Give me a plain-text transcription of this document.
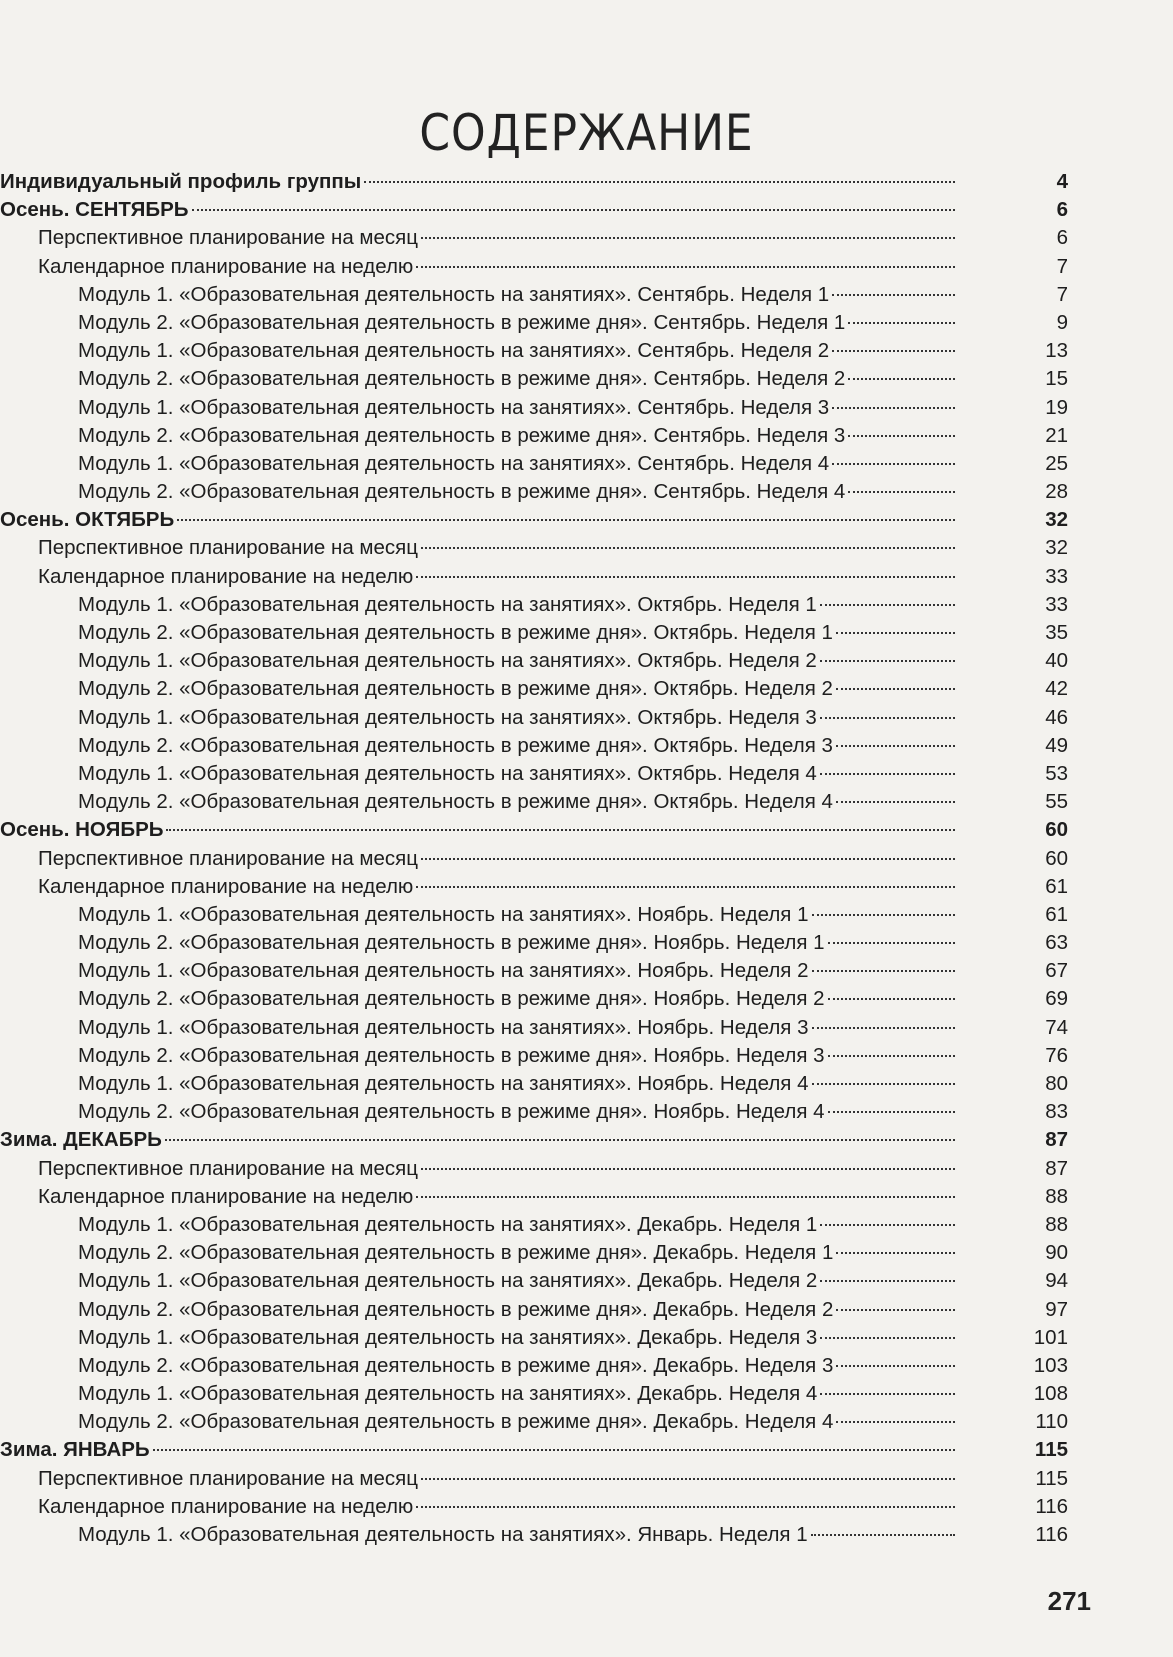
СОДЕРЖАНИЕ
Индивидуальный профиль группы	4
Осень. СЕНТЯБРЬ	6
Перспективное планирование на месяц	6
Календарное планирование на неделю	7
Модуль 1. «Образовательная деятельность на занятиях». Сентябрь. Неделя 1	7
Модуль 2. «Образовательная деятельность в режиме дня». Сентябрь. Неделя 1	9
Модуль 1. «Образовательная деятельность на занятиях». Сентябрь. Неделя 2	13
Модуль 2. «Образовательная деятельность в режиме дня». Сентябрь. Неделя 2	15
Модуль 1. «Образовательная деятельность на занятиях». Сентябрь. Неделя 3	19
Модуль 2. «Образовательная деятельность в режиме дня». Сентябрь. Неделя 3	21
Модуль 1. «Образовательная деятельность на занятиях». Сентябрь. Неделя 4	25
Модуль 2. «Образовательная деятельность в режиме дня». Сентябрь. Неделя 4	28
Осень. ОКТЯБРЬ	32
Перспективное планирование на месяц	32
Календарное планирование на неделю	33
Модуль 1. «Образовательная деятельность на занятиях». Октябрь. Неделя 1	33
Модуль 2. «Образовательная деятельность в режиме дня». Октябрь. Неделя 1	35
Модуль 1. «Образовательная деятельность на занятиях». Октябрь. Неделя 2	40
Модуль 2. «Образовательная деятельность в режиме дня». Октябрь. Неделя 2	42
Модуль 1. «Образовательная деятельность на занятиях». Октябрь. Неделя 3	46
Модуль 2. «Образовательная деятельность в режиме дня». Октябрь. Неделя 3	49
Модуль 1. «Образовательная деятельность на занятиях». Октябрь. Неделя 4	53
Модуль 2. «Образовательная деятельность в режиме дня». Октябрь. Неделя 4	55
Осень. НОЯБРЬ	60
Перспективное планирование на месяц	60
Календарное планирование на неделю	61
Модуль 1. «Образовательная деятельность на занятиях». Ноябрь. Неделя 1	61
Модуль 2. «Образовательная деятельность в режиме дня». Ноябрь. Неделя 1	63
Модуль 1. «Образовательная деятельность на занятиях». Ноябрь. Неделя 2	67
Модуль 2. «Образовательная деятельность в режиме дня». Ноябрь. Неделя 2	69
Модуль 1. «Образовательная деятельность на занятиях». Ноябрь. Неделя 3	74
Модуль 2. «Образовательная деятельность в режиме дня». Ноябрь. Неделя 3	76
Модуль 1. «Образовательная деятельность на занятиях». Ноябрь. Неделя 4	80
Модуль 2. «Образовательная деятельность в режиме дня». Ноябрь. Неделя 4	83
Зима. ДЕКАБРЬ	87
Перспективное планирование на месяц	87
Календарное планирование на неделю	88
Модуль 1. «Образовательная деятельность на занятиях». Декабрь. Неделя 1	88
Модуль 2. «Образовательная деятельность в режиме дня». Декабрь. Неделя 1	90
Модуль 1. «Образовательная деятельность на занятиях». Декабрь. Неделя 2	94
Модуль 2. «Образовательная деятельность в режиме дня». Декабрь. Неделя 2	97
Модуль 1. «Образовательная деятельность на занятиях». Декабрь. Неделя 3	101
Модуль 2. «Образовательная деятельность в режиме дня». Декабрь. Неделя 3	103
Модуль 1. «Образовательная деятельность на занятиях». Декабрь. Неделя 4	108
Модуль 2. «Образовательная деятельность в режиме дня». Декабрь. Неделя 4	110
Зима. ЯНВАРЬ	115
Перспективное планирование на месяц	115
Календарное планирование на неделю	116
Модуль 1. «Образовательная деятельность на занятиях». Январь. Неделя 1	116
271
